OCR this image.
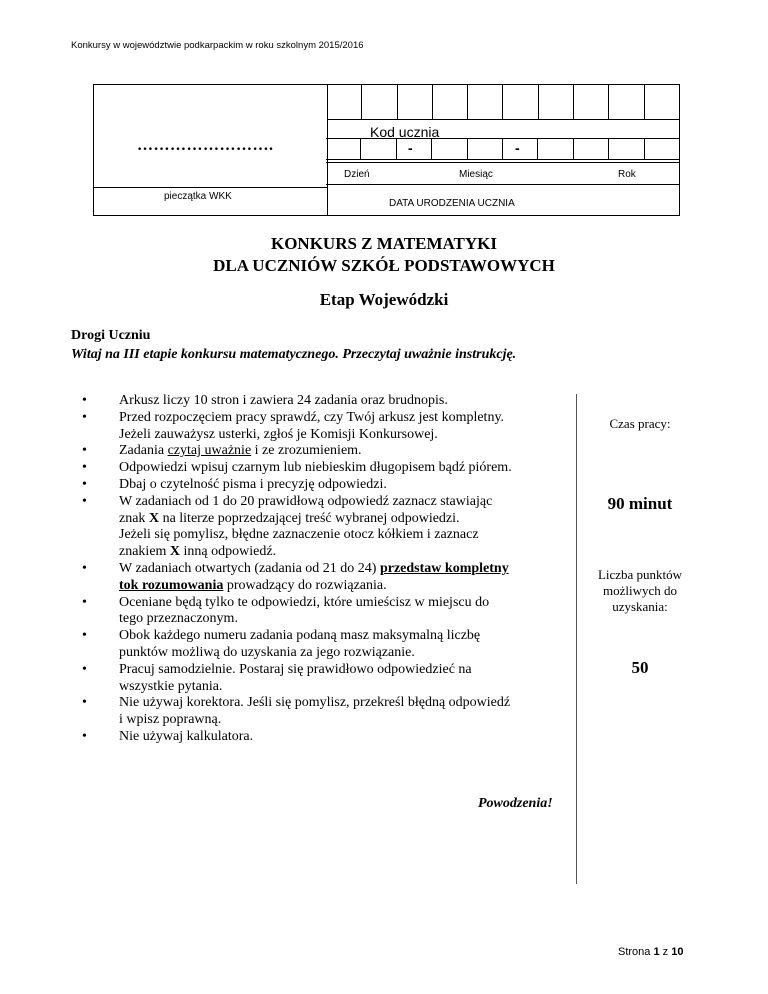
Konkursy w województwie podkarpackim w roku szkolnym 2015/2016
…………………….
pieczątka WKK

Kod ucznia

-	-
Dzień	Miesiąc	Rok
DATA URODZENIA UCZNIA
KONKURS Z MATEMATYKI
DLA UCZNIÓW SZKÓŁ PODSTAWOWYCH
Etap Wojewódzki
Drogi Uczniu
Witaj na III etapie konkursu matematycznego. Przeczytaj uważnie instrukcję.
• Arkusz liczy 10 stron i zawiera 24 zadania oraz brudnopis.
• Przed rozpoczęciem pracy sprawdź, czy Twój arkusz jest kompletny.
Jeżeli zauważysz usterki, zgłoś je Komisji Konkursowej.
• Zadania czytaj uważnie i ze zrozumieniem.
• Odpowiedzi wpisuj czarnym lub niebieskim długopisem bądź piórem.
• Dbaj o czytelność pisma i precyzję odpowiedzi.
• W zadaniach od 1 do 20 prawidłową odpowiedź zaznacz stawiając
znak X na literze poprzedzającej treść wybranej odpowiedzi.
Jeżeli się pomylisz, błędne zaznaczenie otocz kółkiem i zaznacz
znakiem X inną odpowiedź.
• W zadaniach otwartych (zadania od 21 do 24) przedstaw kompletny
tok rozumowania prowadzący do rozwiązania.
• Oceniane będą tylko te odpowiedzi, które umieścisz w miejscu do
tego przeznaczonym.
• Obok każdego numeru zadania podaną masz maksymalną liczbę
punktów możliwą do uzyskania za jego rozwiązanie.
• Pracuj samodzielnie. Postaraj się prawidłowo odpowiedzieć na
wszystkie pytania.
• Nie używaj korektora. Jeśli się pomylisz, przekreśl błędną odpowiedź
i wpisz poprawną.
• Nie używaj kalkulatora.
Powodzenia!
Czas pracy:
90 minut
Liczba punktów
możliwych do
uzyskania:
50
Strona 1 z 10
